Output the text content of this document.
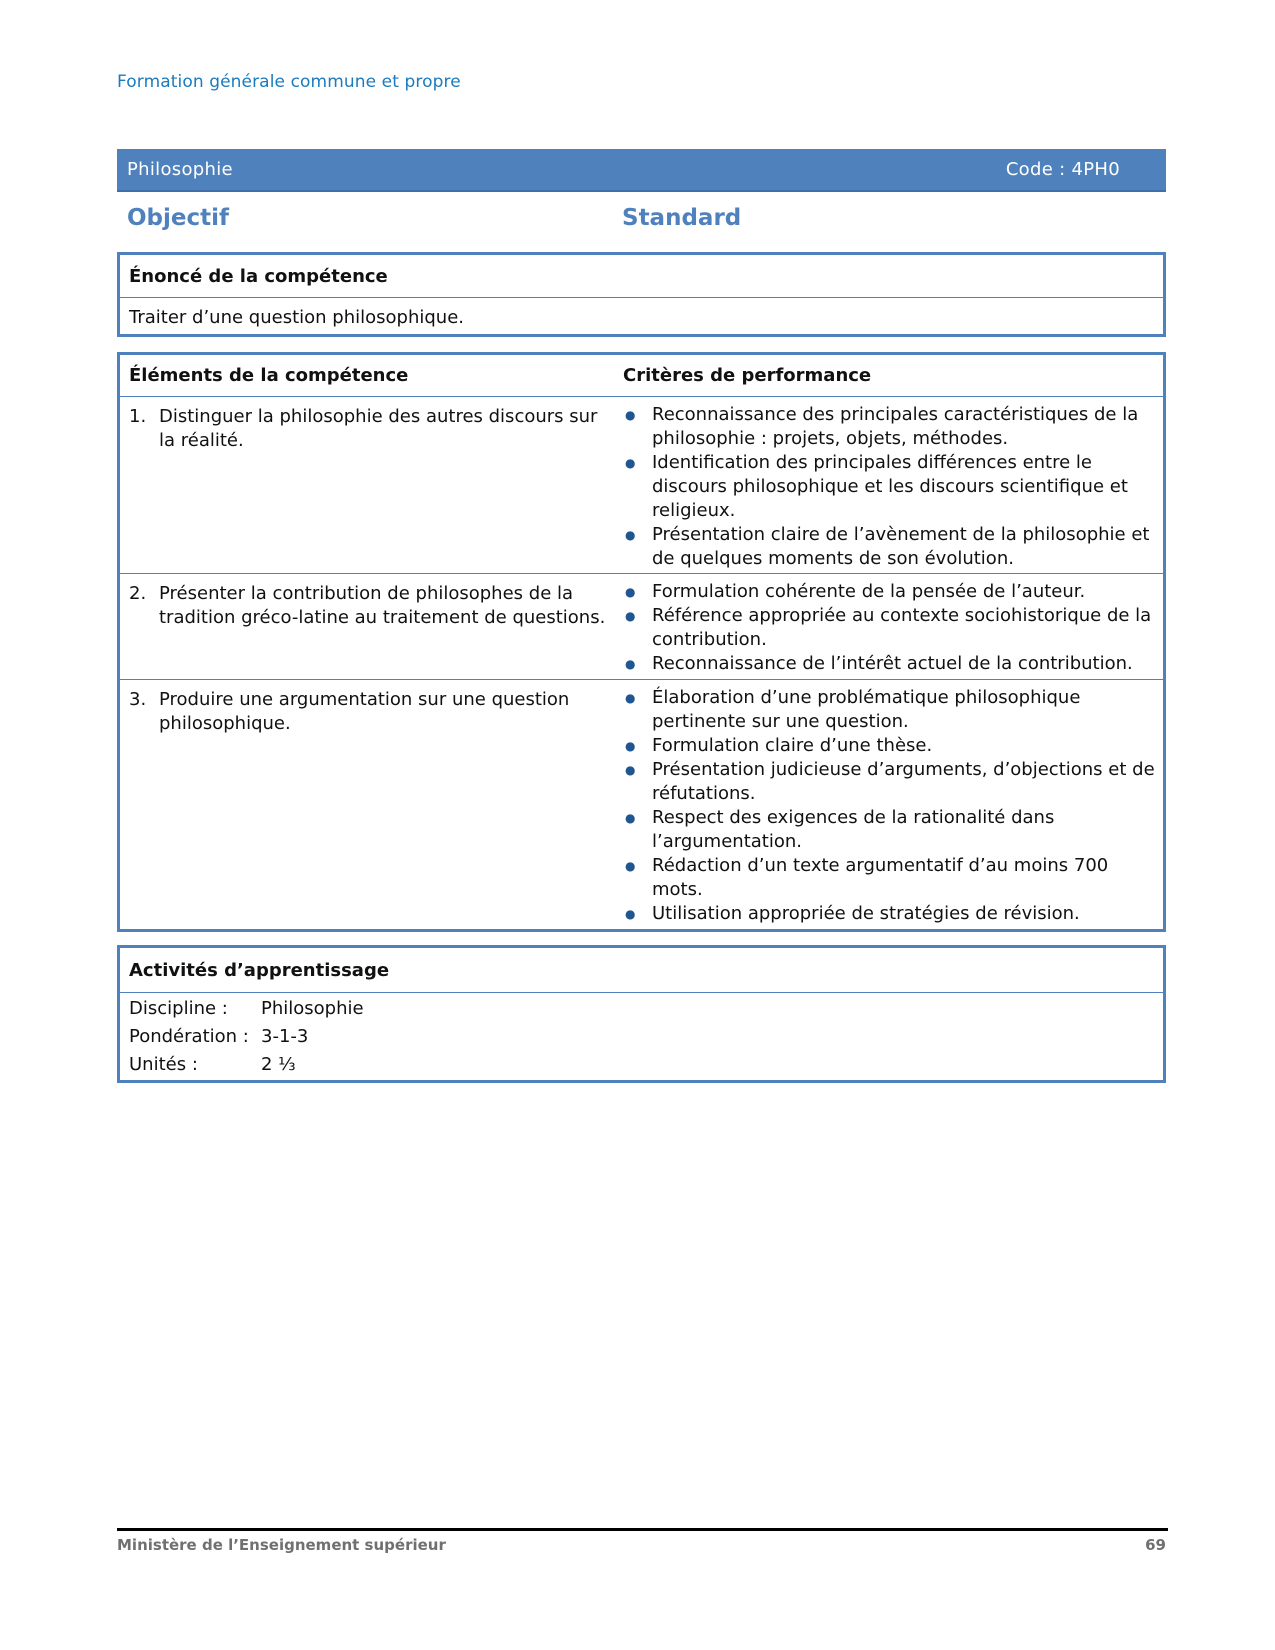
Formation générale commune et propre
Philosophie	Code : 4PH0
Objectif	Standard
Énoncé de la compétence
Traiter d’une question philosophique.
Éléments de la compétence	Critères de performance
1. Distinguer la philosophie des autres discours sur la réalité.
● Reconnaissance des principales caractéristiques de la philosophie : projets, objets, méthodes.
● Identification des principales différences entre le discours philosophique et les discours scientifique et religieux.
● Présentation claire de l’avènement de la philosophie et de quelques moments de son évolution.
2. Présenter la contribution de philosophes de la tradition gréco-latine au traitement de questions.
● Formulation cohérente de la pensée de l’auteur.
● Référence appropriée au contexte sociohistorique de la contribution.
● Reconnaissance de l’intérêt actuel de la contribution.
3. Produire une argumentation sur une question philosophique.
● Élaboration d’une problématique philosophique pertinente sur une question.
● Formulation claire d’une thèse.
● Présentation judicieuse d’arguments, d’objections et de réfutations.
● Respect des exigences de la rationalité dans l’argumentation.
● Rédaction d’un texte argumentatif d’au moins 700 mots.
● Utilisation appropriée de stratégies de révision.
Activités d’apprentissage
Discipline :	Philosophie
Pondération : 3-1-3
Unités :	2 ⅓
Ministère de l’Enseignement supérieur	69
